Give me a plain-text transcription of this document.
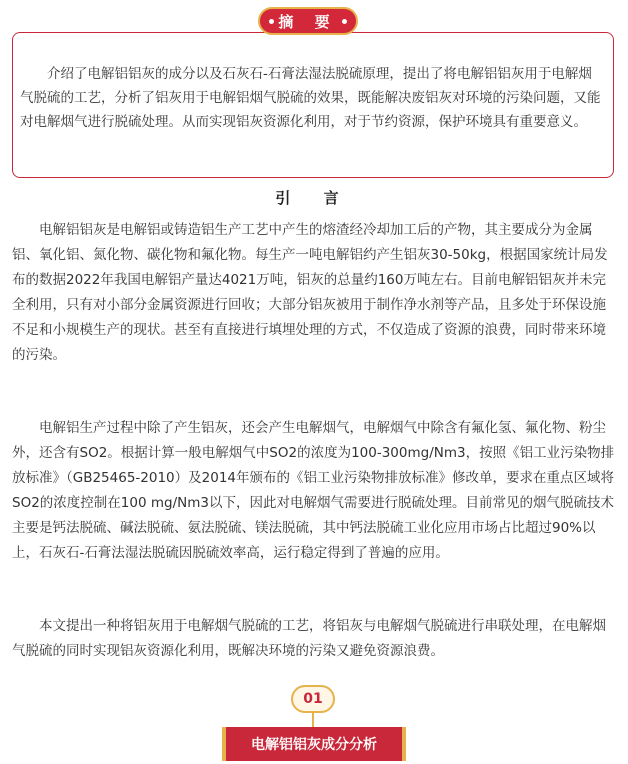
摘 要
介绍了电解铝铝灰的成分以及石灰石-石膏法湿法脱硫原理，提出了将电解铝铝灰用于电解烟气脱硫的工艺，分析了铝灰用于电解铝烟气脱硫的效果，既能解决废铝灰对环境的污染问题，又能对电解烟气进行脱硫处理。从而实现铝灰资源化利用，对于节约资源，保护环境具有重要意义。
引 言

电解铝铝灰是电解铝或铸造铝生产工艺中产生的熔渣经冷却加工后的产物，其主要成分为金属铝、氧化铝、氮化物、碳化物和氟化物。每生产一吨电解铝约产生铝灰30-50kg，根据国家统计局发布的数据2022年我国电解铝产量达4021万吨，铝灰的总量约160万吨左右。目前电解铝铝灰并未完全利用，只有对小部分金属资源进行回收；大部分铝灰被用于制作净水剂等产品，且多处于环保设施不足和小规模生产的现状。甚至有直接进行填埋处理的方式，不仅造成了资源的浪费，同时带来环境的污染。

电解铝生产过程中除了产生铝灰，还会产生电解烟气，电解烟气中除含有氟化氢、氟化物、粉尘外，还含有SO2。根据计算一般电解烟气中SO2的浓度为100-300mg/Nm3，按照《铝工业污染物排放标准》（GB25465-2010）及2014年颁布的《铝工业污染物排放标准》修改单，要求在重点区域将SO2的浓度控制在100 mg/Nm3以下，因此对电解烟气需要进行脱硫处理。目前常见的烟气脱硫技术主要是钙法脱硫、碱法脱硫、氨法脱硫、镁法脱硫，其中钙法脱硫工业化应用市场占比超过90%以上，石灰石-石膏法湿法脱硫因脱硫效率高，运行稳定得到了普遍的应用。

本文提出一种将铝灰用于电解烟气脱硫的工艺，将铝灰与电解烟气脱硫进行串联处理，在电解烟气脱硫的同时实现铝灰资源化利用，既解决环境的污染又避免资源浪费。

01
电解铝铝灰成分分析
